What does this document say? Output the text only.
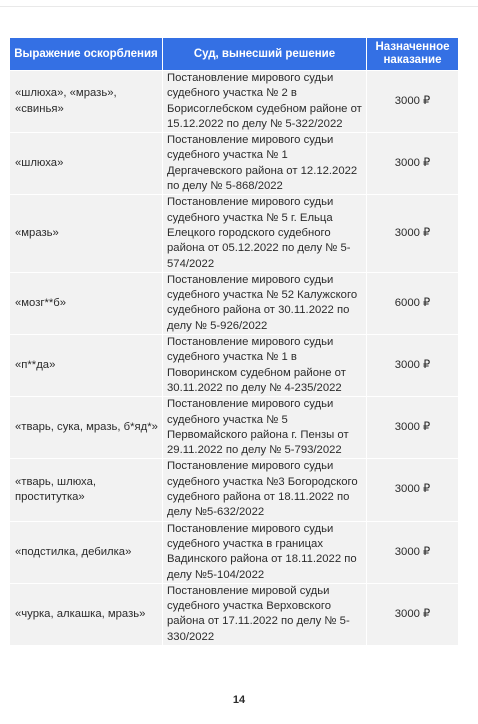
Выражение оскорбления	Суд, вынесший решение	Назначенное наказание
«шлюха», «мразь», «свинья»	Постановление мирового судьи судебного участка № 2 в Борисоглебском судебном районе от 15.12.2022 по делу № 5-322/2022	3000 ₽
«шлюха»	Постановление мирового судьи судебного участка № 1 Дергачевского района от 12.12.2022 по делу № 5-868/2022	3000 ₽
«мразь»	Постановление мирового судьи судебного участка № 5 г. Ельца Елецкого городского судебного района от 05.12.2022 по делу № 5-574/2022	3000 ₽
«мозг**б»	Постановление мирового судьи судебного участка № 52 Калужского судебного района от 30.11.2022 по делу № 5-926/2022	6000 ₽
«п**да»	Постановление мирового судьи судебного участка № 1 в Поворинском судебном районе от 30.11.2022 по делу № 4-235/2022	3000 ₽
«тварь, сука, мразь, б*яд*»	Постановление мирового судьи судебного участка № 5 Первомайского района г. Пензы от 29.11.2022 по делу № 5-793/2022	3000 ₽
«тварь, шлюха, проститутка»	Постановление мирового судьи судебного участка №3 Богородского судебного района от 18.11.2022 по делу №5-632/2022	3000 ₽
«подстилка, дебилка»	Постановление мирового судьи судебного участка в границах Вадинского района от 18.11.2022 по делу №5-104/2022	3000 ₽
«чурка, алкашка, мразь»	Постановление мировой судьи судебного участка Верховского района от 17.11.2022 по делу № 5-330/2022	3000 ₽
14
